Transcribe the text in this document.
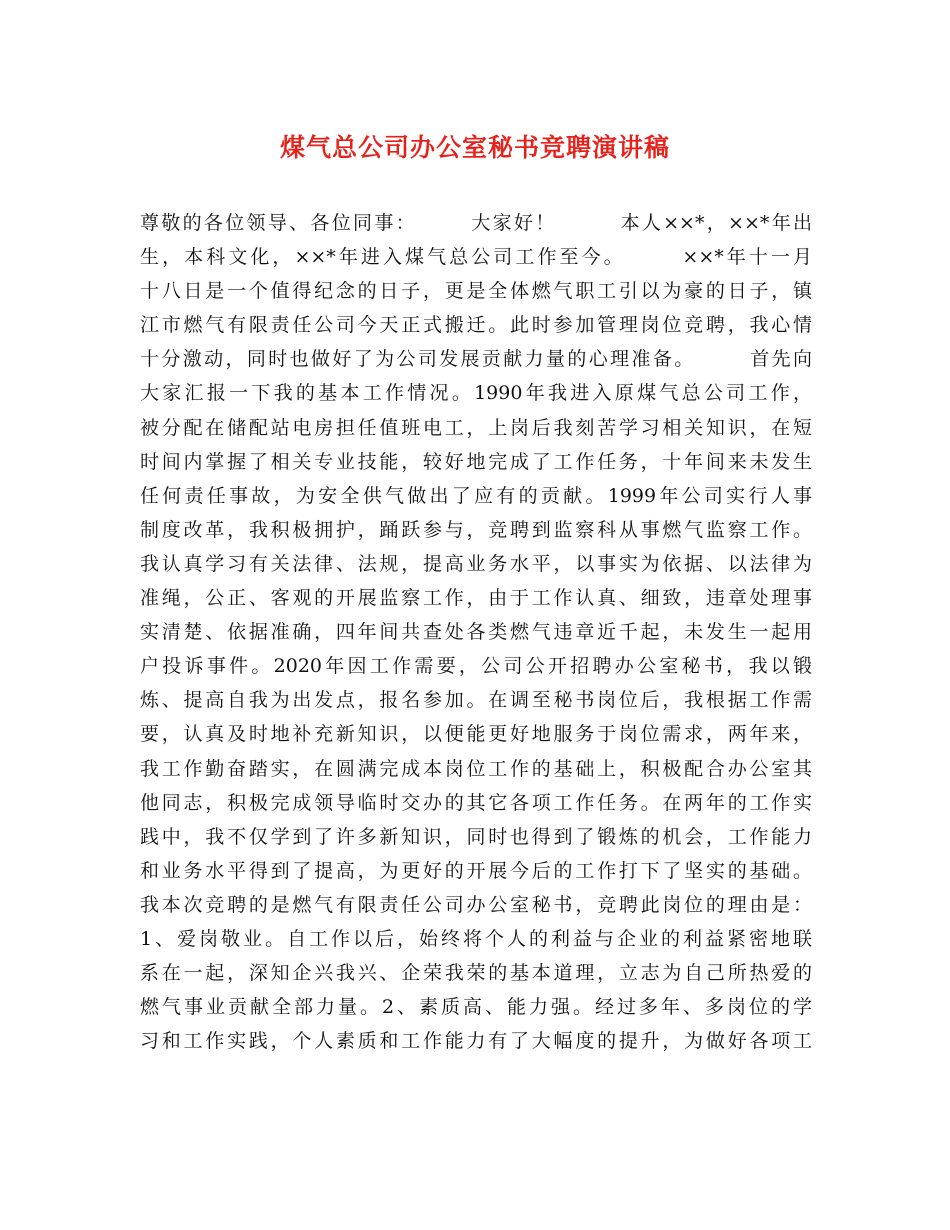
煤气总公司办公室秘书竞聘演讲稿
尊敬的各位领导、各位同事：　　　大家好！　　　本人××*，××*年出
生，本科文化，××*年进入煤气总公司工作至今。　　　××*年十一月
十八日是一个值得纪念的日子，更是全体燃气职工引以为豪的日子，镇
江市燃气有限责任公司今天正式搬迁。此时参加管理岗位竞聘，我心情
十分激动，同时也做好了为公司发展贡献力量的心理准备。　　　首先向
大家汇报一下我的基本工作情况。1990年我进入原煤气总公司工作，
被分配在储配站电房担任值班电工，上岗后我刻苦学习相关知识，在短
时间内掌握了相关专业技能，较好地完成了工作任务，十年间来未发生
任何责任事故，为安全供气做出了应有的贡献。1999年公司实行人事
制度改革，我积极拥护，踊跃参与，竞聘到监察科从事燃气监察工作。
我认真学习有关法律、法规，提高业务水平，以事实为依据、以法律为
准绳，公正、客观的开展监察工作，由于工作认真、细致，违章处理事
实清楚、依据准确，四年间共查处各类燃气违章近千起，未发生一起用
户投诉事件。2020年因工作需要，公司公开招聘办公室秘书，我以锻
炼、提高自我为出发点，报名参加。在调至秘书岗位后，我根据工作需
要，认真及时地补充新知识，以便能更好地服务于岗位需求，两年来，
我工作勤奋踏实，在圆满完成本岗位工作的基础上，积极配合办公室其
他同志，积极完成领导临时交办的其它各项工作任务。在两年的工作实
践中，我不仅学到了许多新知识，同时也得到了锻炼的机会，工作能力
和业务水平得到了提高，为更好的开展今后的工作打下了坚实的基础。
我本次竞聘的是燃气有限责任公司办公室秘书，竞聘此岗位的理由是：
1、爱岗敬业。自工作以后，始终将个人的利益与企业的利益紧密地联
系在一起，深知企兴我兴、企荣我荣的基本道理，立志为自己所热爱的
燃气事业贡献全部力量。2、素质高、能力强。经过多年、多岗位的学
习和工作实践，个人素质和工作能力有了大幅度的提升，为做好各项工
